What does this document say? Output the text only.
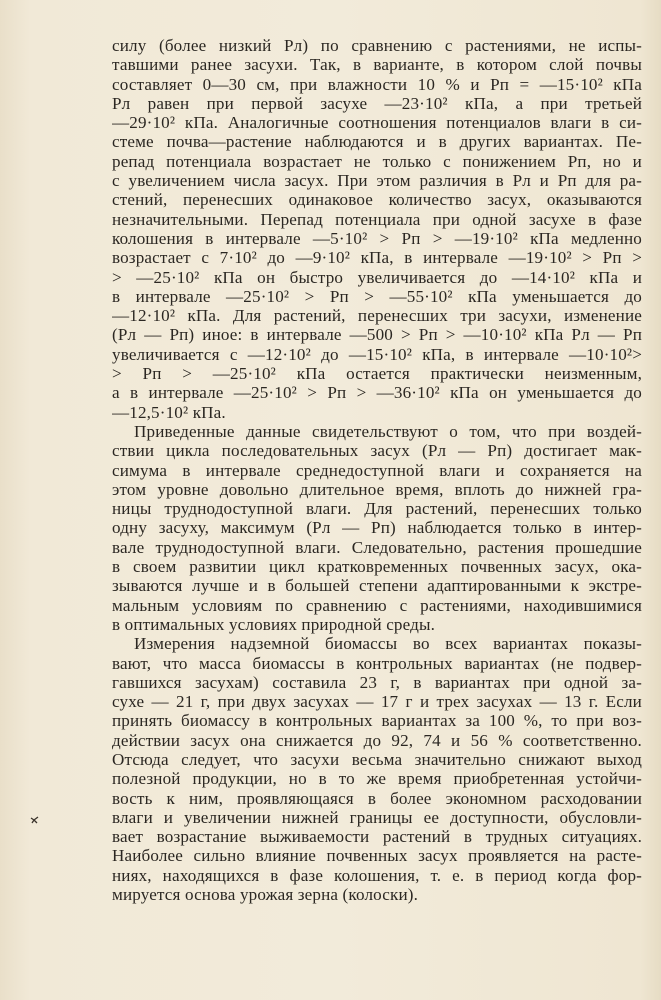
силу (более низкий Pл) по сравнению с растениями, не испы-
тавшими ранее засухи. Так, в варианте, в котором слой почвы
составляет 0—30 см, при влажности 10 % и Pп = —15·10² кПа
Pл равен при первой засухе —23·10² кПа, а при третьей
—29·10² кПа. Аналогичные соотношения потенциалов влаги в си-
стеме почва—растение наблюдаются и в других вариантах. Пе-
репад потенциала возрастает не только с понижением Pп, но и
с увеличением числа засух. При этом различия в Pл и Pп для ра-
стений, перенесших одинаковое количество засух, оказываются
незначительными. Перепад потенциала при одной засухе в фазе
колошения в интервале —5·10² > Pп > —19·10² кПа медленно
возрастает с 7·10² до —9·10² кПа, в интервале —19·10² > Pп >
> —25·10² кПа он быстро увеличивается до —14·10² кПа и
в интервале —25·10² > Pп > —55·10² кПа уменьшается до
—12·10² кПа. Для растений, перенесших три засухи, изменение
(Pл — Pп) иное: в интервале —500 > Pп > —10·10² кПа Pл — Pп
увеличивается с —12·10² до —15·10² кПа, в интервале —10·10²>
> Pп > —25·10² кПа остается практически неизменным,
а в интервале —25·10² > Pп > —36·10² кПа он уменьшается до
—12,5·10² кПа.
Приведенные данные свидетельствуют о том, что при воздей-
ствии цикла последовательных засух (Pл — Pп) достигает мак-
симума в интервале среднедоступной влаги и сохраняется на
этом уровне довольно длительное время, вплоть до нижней гра-
ницы труднодоступной влаги. Для растений, перенесших только
одну засуху, максимум (Pл — Pп) наблюдается только в интер-
вале труднодоступной влаги. Следовательно, растения прошедшие
в своем развитии цикл кратковременных почвенных засух, ока-
зываются лучше и в большей степени адаптированными к экстре-
мальным условиям по сравнению с растениями, находившимися
в оптимальных условиях природной среды.
Измерения надземной биомассы во всех вариантах показы-
вают, что масса биомассы в контрольных вариантах (не подвер-
гавшихся засухам) составила 23 г, в вариантах при одной за-
сухе — 21 г, при двух засухах — 17 г и трех засухах — 13 г. Если
принять биомассу в контрольных вариантах за 100 %, то при воз-
действии засух она снижается до 92, 74 и 56 % соответственно.
Отсюда следует, что засухи весьма значительно снижают выход
полезной продукции, но в то же время приобретенная устойчи-
вость к ним, проявляющаяся в более экономном расходовании
влаги и увеличении нижней границы ее доступности, обусловли-
вает возрастание выживаемости растений в трудных ситуациях.
Наиболее сильно влияние почвенных засух проявляется на расте-
ниях, находящихся в фазе колошения, т. е. в период когда фор-
мируется основа урожая зерна (колоски).
